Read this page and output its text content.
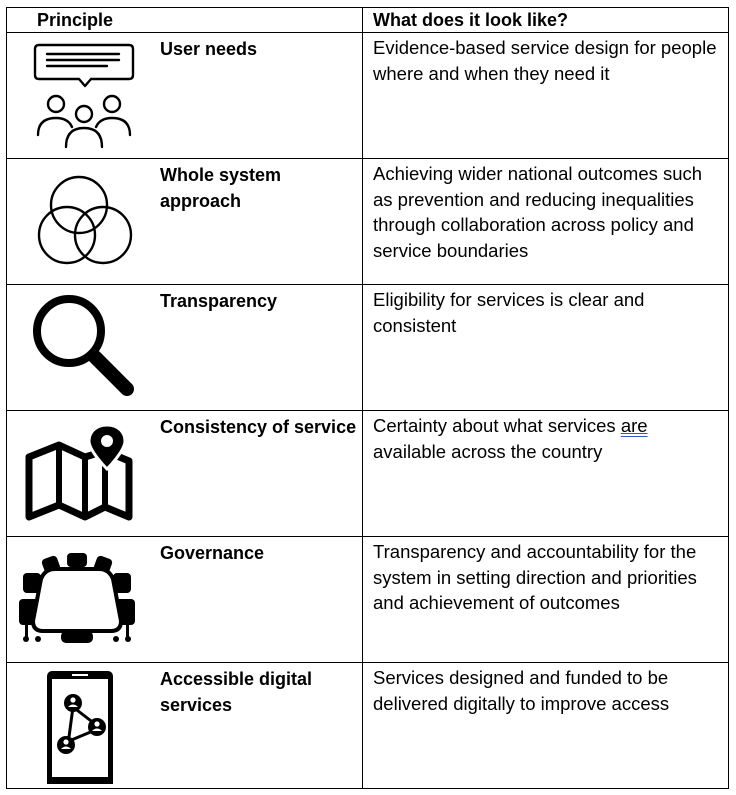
Principle	What does it look like?

User needs	Evidence-based service design for people where and when they need it

Whole system approach	Achieving wider national outcomes such as prevention and reducing inequalities through collaboration across policy and service boundaries

Transparency	Eligibility for services is clear and consistent

Consistency of service	Certainty about what services are available across the country

Governance	Transparency and accountability for the system in setting direction and priorities and achievement of outcomes

Accessible digital services	Services designed and funded to be delivered digitally to improve access
